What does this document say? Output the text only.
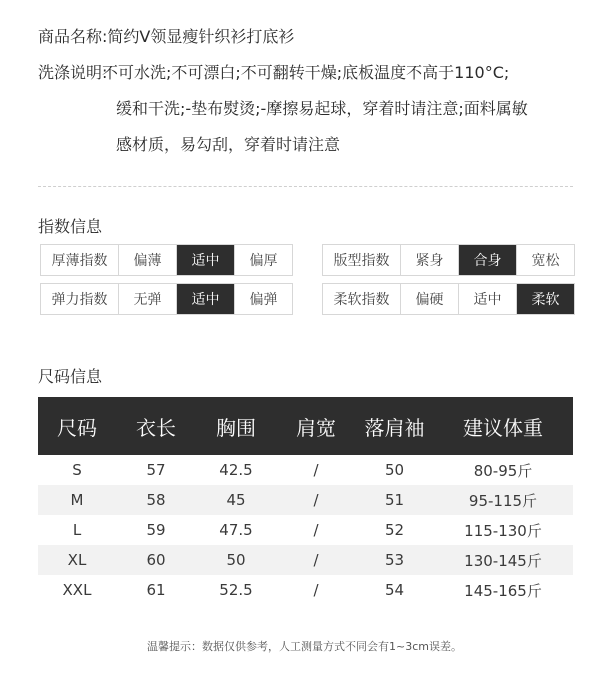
商品名称: 简约V领显瘦针织衫打底衫
洗涤说明:
不可水洗;不可漂白;不可翻转干燥;底板温度不高于110°C;
缓和干洗;-垫布熨烫;-摩擦易起球，穿着时请注意;面料属敏
感材质，易勾刮，穿着时请注意
指数信息
厚薄指数	偏薄	适中	偏厚
弹力指数	无弹	适中	偏弹
版型指数	紧身	合身	宽松
柔软指数	偏硬	适中	柔软
尺码信息
尺码	衣长	胸围	肩宽	落肩袖	建议体重
S	57	42.5	/	50	80-95斤
M	58	45	/	51	95-115斤
L	59	47.5	/	52	115-130斤
XL	60	50	/	53	130-145斤
XXL	61	52.5	/	54	145-165斤
温馨提示：数据仅供参考，人工测量方式不同会有1~3cm误差。
